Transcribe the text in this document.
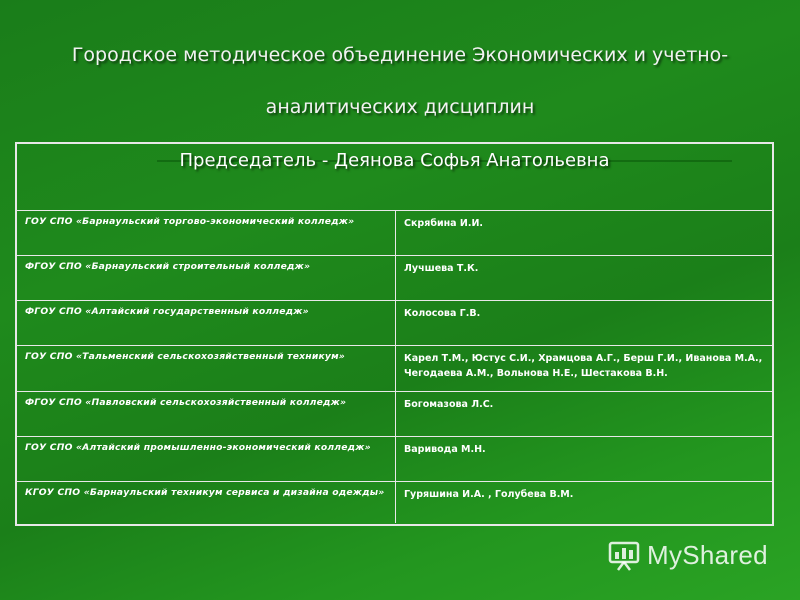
Городское методическое объединение Экономических и учетно-
аналитических дисциплин
Председатель - Деянова Софья Анатольевна
ГОУ СПО «Барнаульский торгово-экономический колледж»	Скрябина И.И.
ФГОУ СПО «Барнаульский строительный колледж»	Лучшева Т.К.
ФГОУ СПО «Алтайский государственный колледж»	Колосова Г.В.
ГОУ СПО «Тальменский сельскохозяйственный техникум»	Карел Т.М., Юстус С.И., Храмцова А.Г., Берш Г.И., Иванова М.А., Чегодаева А.М., Вольнова Н.Е., Шестакова В.Н.
ФГОУ СПО «Павловский сельскохозяйственный колледж»	Богомазова Л.С.
ГОУ СПО «Алтайский промышленно-экономический колледж»	Варивода М.Н.
КГОУ СПО «Барнаульский техникум сервиса и дизайна одежды»	Гуряшина И.А. , Голубева В.М.
MyShared
